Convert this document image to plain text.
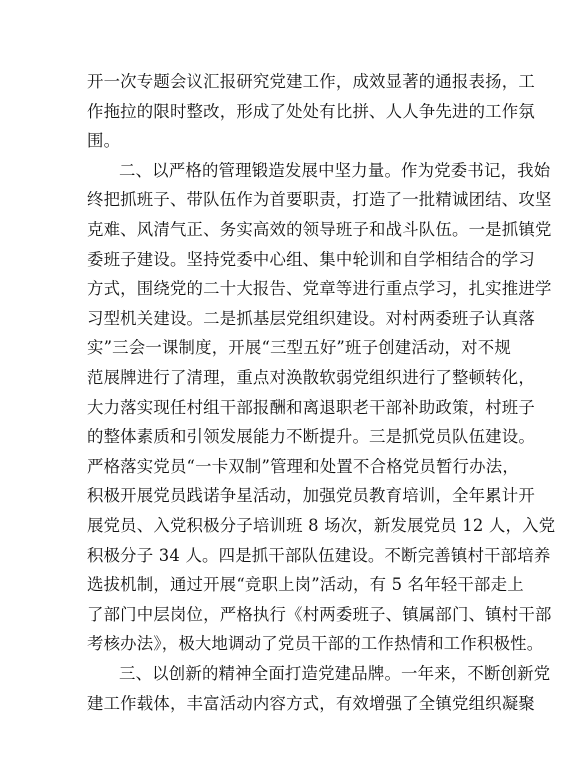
开一次专题会议汇报研究党建工作，成效显著的通报表扬，工
作拖拉的限时整改，形成了处处有比拼、人人争先进的工作氛
围。
二、以严格的管理锻造发展中坚力量。作为党委书记，我始
终把抓班子、带队伍作为首要职责，打造了一批精诚团结、攻坚
克难、风清气正、务实高效的领导班子和战斗队伍。一是抓镇党
委班子建设。坚持党委中心组、集中轮训和自学相结合的学习
方式，围绕党的二十大报告、党章等进行重点学习，扎实推进学
习型机关建设。二是抓基层党组织建设。对村两委班子认真落
实”三会一课制度，开展“三型五好”班子创建活动，对不规
范展牌进行了清理，重点对涣散软弱党组织进行了整顿转化，
大力落实现任村组干部报酬和离退职老干部补助政策，村班子
的整体素质和引领发展能力不断提升。三是抓党员队伍建设。
严格落实党员“一卡双制”管理和处置不合格党员暂行办法，
积极开展党员践诺争星活动，加强党员教育培训，全年累计开
展党员、入党积极分子培训班 8 场次，新发展党员 12 人，入党
积极分子 34 人。四是抓干部队伍建设。不断完善镇村干部培养
选拔机制，通过开展“竞职上岗”活动，有 5 名年轻干部走上
了部门中层岗位，严格执行《村两委班子、镇属部门、镇村干部
考核办法》，极大地调动了党员干部的工作热情和工作积极性。
三、以创新的精神全面打造党建品牌。一年来，不断创新党
建工作载体，丰富活动内容方式，有效增强了全镇党组织凝聚
